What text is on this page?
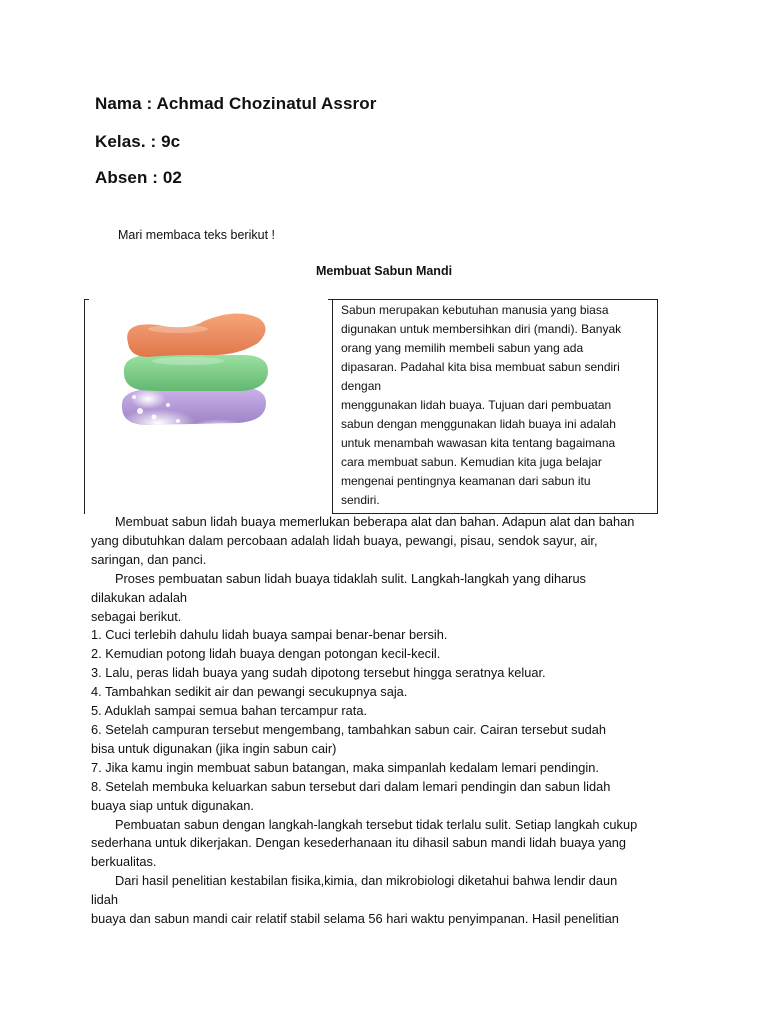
Nama : Achmad Chozinatul Assror
Kelas. : 9c
Absen : 02
Mari membaca teks berikut !
Membuat Sabun Mandi
Sabun merupakan kebutuhan manusia yang biasa
digunakan untuk membersihkan diri (mandi). Banyak
orang yang memilih membeli sabun yang ada
dipasaran. Padahal kita bisa membuat sabun sendiri
dengan
menggunakan lidah buaya. Tujuan dari pembuatan
sabun dengan menggunakan lidah buaya ini adalah
untuk menambah wawasan kita tentang bagaimana
cara membuat sabun. Kemudian kita juga belajar
mengenai pentingnya keamanan dari sabun itu
sendiri.
Membuat sabun lidah buaya memerlukan beberapa alat dan bahan. Adapun alat dan bahan
yang dibutuhkan dalam percobaan adalah lidah buaya, pewangi, pisau, sendok sayur, air,
saringan, dan panci.
Proses pembuatan sabun lidah buaya tidaklah sulit. Langkah-langkah yang diharus
dilakukan adalah
sebagai berikut.
1. Cuci terlebih dahulu lidah buaya sampai benar-benar bersih.
2. Kemudian potong lidah buaya dengan potongan kecil-kecil.
3. Lalu, peras lidah buaya yang sudah dipotong tersebut hingga seratnya keluar.
4. Tambahkan sedikit air dan pewangi secukupnya saja.
5. Aduklah sampai semua bahan tercampur rata.
6. Setelah campuran tersebut mengembang, tambahkan sabun cair. Cairan tersebut sudah
bisa untuk digunakan (jika ingin sabun cair)
7. Jika kamu ingin membuat sabun batangan, maka simpanlah kedalam lemari pendingin.
8. Setelah membuka keluarkan sabun tersebut dari dalam lemari pendingin dan sabun lidah
buaya siap untuk digunakan.
Pembuatan sabun dengan langkah-langkah tersebut tidak terlalu sulit. Setiap langkah cukup
sederhana untuk dikerjakan. Dengan kesederhanaan itu dihasil sabun mandi lidah buaya yang
berkualitas.
Dari hasil penelitian kestabilan fisika,kimia, dan mikrobiologi diketahui bahwa lendir daun
lidah
buaya dan sabun mandi cair relatif stabil selama 56 hari waktu penyimpanan. Hasil penelitian
